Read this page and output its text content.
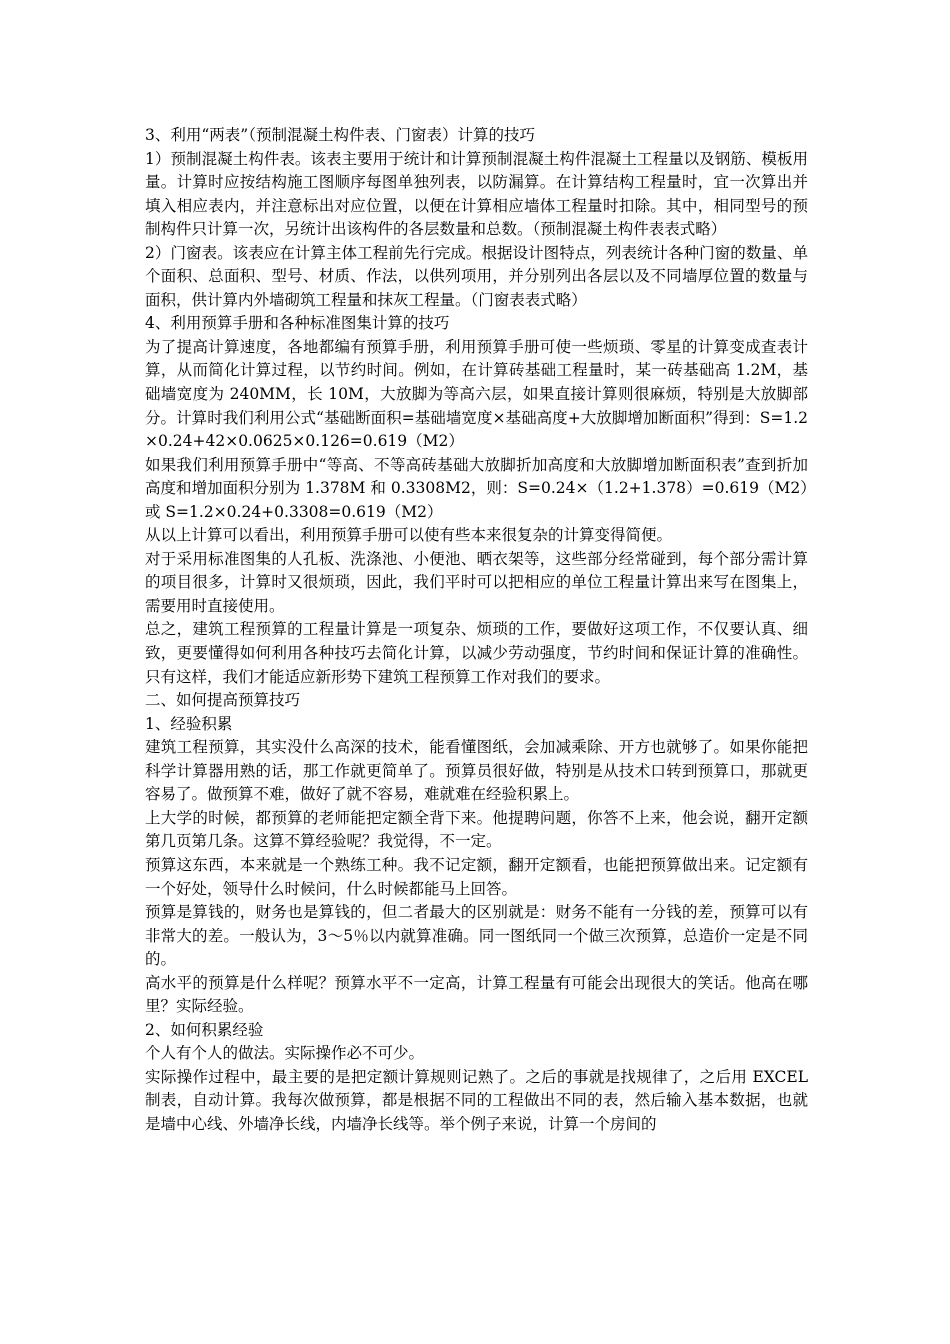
3、利用“两表”（预制混凝土构件表、门窗表）计算的技巧

1）预制混凝土构件表。该表主要用于统计和计算预制混凝土构件混凝土工程量以及钢筋、模板用量。计算时应按结构施工图顺序每图单独列表，以防漏算。在计算结构工程量时，宜一次算出并填入相应表内，并注意标出对应位置，以便在计算相应墙体工程量时扣除。其中，相同型号的预制构件只计算一次，另统计出该构件的各层数量和总数。（预制混凝土构件表表式略）

2）门窗表。该表应在计算主体工程前先行完成。根据设计图特点，列表统计各种门窗的数量、单个面积、总面积、型号、材质、作法，以供列项用，并分别列出各层以及不同墙厚位置的数量与面积，供计算内外墙砌筑工程量和抹灰工程量。（门窗表表式略）

4、利用预算手册和各种标准图集计算的技巧

为了提高计算速度，各地都编有预算手册，利用预算手册可使一些烦琐、零星的计算变成查表计算，从而简化计算过程，以节约时间。例如，在计算砖基础工程量时，某一砖基础高 1.2M，基础墙宽度为 240MM，长 10M，大放脚为等高六层，如果直接计算则很麻烦，特别是大放脚部分。计算时我们利用公式“基础断面积=基础墙宽度×基础高度+大放脚增加断面积”得到：S=1.2×0.24+42×0.0625×0.126=0.619（M2）

如果我们利用预算手册中“等高、不等高砖基础大放脚折加高度和大放脚增加断面积表”查到折加高度和增加面积分别为 1.378M 和 0.3308M2，则：S=0.24×（1.2+1.378）=0.619（M2）或 S=1.2×0.24+0.3308=0.619（M2）

从以上计算可以看出，利用预算手册可以使有些本来很复杂的计算变得简便。

对于采用标准图集的人孔板、洗涤池、小便池、晒衣架等，这些部分经常碰到，每个部分需计算的项目很多，计算时又很烦琐，因此，我们平时可以把相应的单位工程量计算出来写在图集上，需要用时直接使用。

总之，建筑工程预算的工程量计算是一项复杂、烦琐的工作，要做好这项工作，不仅要认真、细致，更要懂得如何利用各种技巧去简化计算，以减少劳动强度，节约时间和保证计算的准确性。只有这样，我们才能适应新形势下建筑工程预算工作对我们的要求。

二、如何提高预算技巧

1、经验积累

建筑工程预算，其实没什么高深的技术，能看懂图纸，会加减乘除、开方也就够了。如果你能把科学计算器用熟的话，那工作就更简单了。预算员很好做，特别是从技术口转到预算口，那就更容易了。做预算不难，做好了就不容易，难就难在经验积累上。

上大学的时候，都预算的老师能把定额全背下来。他提聘问题，你答不上来，他会说，翻开定额第几页第几条。这算不算经验呢？我觉得，不一定。

预算这东西，本来就是一个熟练工种。我不记定额，翻开定额看，也能把预算做出来。记定额有一个好处，领导什么时候问，什么时候都能马上回答。

预算是算钱的，财务也是算钱的，但二者最大的区别就是：财务不能有一分钱的差，预算可以有非常大的差。一般认为，3～5％以内就算准确。同一图纸同一个做三次预算，总造价一定是不同的。

高水平的预算是什么样呢？预算水平不一定高，计算工程量有可能会出现很大的笑话。他高在哪里？实际经验。

2、如何积累经验

个人有个人的做法。实际操作必不可少。

实际操作过程中，最主要的是把定额计算规则记熟了。之后的事就是找规律了，之后用 EXCEL 制表，自动计算。我每次做预算，都是根据不同的工程做出不同的表，然后输入基本数据，也就是墙中心线、外墙净长线，内墙净长线等。举个例子来说，计算一个房间的
